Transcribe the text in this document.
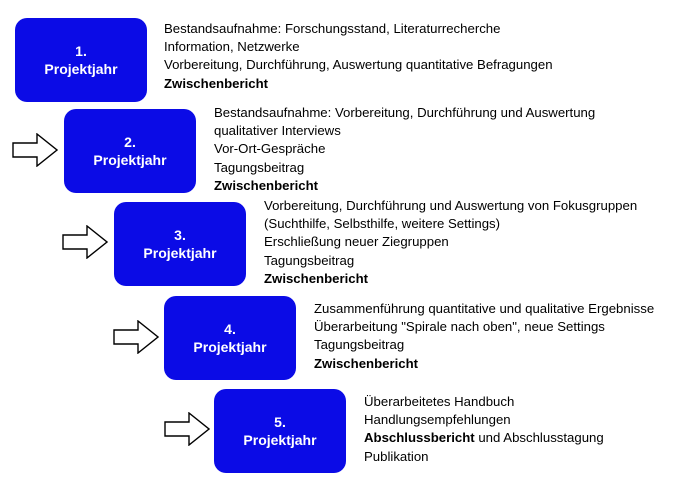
1.
Projektjahr
Bestandsaufnahme: Forschungsstand, Literaturrecherche
Information, Netzwerke
Vorbereitung, Durchführung, Auswertung quantitative Befragungen
Zwischenbericht
2.
Projektjahr
Bestandsaufnahme: Vorbereitung, Durchführung und Auswertung
qualitativer Interviews
Vor-Ort-Gespräche
Tagungsbeitrag
Zwischenbericht
3.
Projektjahr
Vorbereitung, Durchführung und Auswertung von Fokusgruppen
(Suchthilfe, Selbsthilfe, weitere Settings)
Erschließung neuer Ziegruppen
Tagungsbeitrag
Zwischenbericht
4.
Projektjahr
Zusammenführung quantitative und qualitative Ergebnisse
Überarbeitung "Spirale nach oben", neue Settings
Tagungsbeitrag
Zwischenbericht
5.
Projektjahr
Überarbeitetes Handbuch
Handlungsempfehlungen
Abschlussbericht und Abschlusstagung
Publikation
